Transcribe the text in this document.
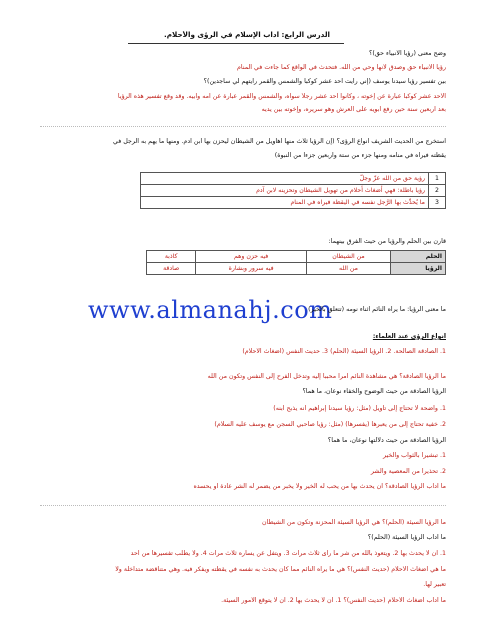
الدرس الرابع: آداب الإسلام في الرؤى والأحلام.
وضح معنى (رؤيا الأنبياء حق)؟
رؤيا الأنبياء حق وصدق لأنها وحي من الله. فتحدث في الواقع كما جاءت في المنام
بين تفسير رؤيا سيدنا يوسف (إني رأيت أحد عشر كوكباً والشمس والقمر رأيتهم لي ساجدين)؟
الأحد عشر كوكباً عبارة عن إخوته ، وكانوا أحد عشر رجلاً سواه، والشمس والقمر عبارة عن أمه وأبيه. وقد وقع تفسير هذه الرؤيا
بعد أربعين سنة حين رفع أبويه على العرش وهو سريره، وإخوته بين يديه
استخرج من الحديث الشريف أنواع الرؤى؟ (إن الرؤيا ثلاث منها أهاويل من الشيطان ليحزن بها ابن آدم. ومنها ما يهم به الرجل في
يقظته فيراه في منامه ومنها جزء من ستة وأربعين جزءاً من النبوة)
1	رؤية حق من الله عزّ وجلّ
2	رؤيا باطلة: فهي أضغاث أحلام من تهويل الشيطان وتحزينه لابن آدم
3	ما يُحدِّث بها الرَّجل نفسه في اليقظة فيراه في المنام
قارن بين الحلم والرؤيا من حيث الفرق بينهما:
الحلم	من الشيطان	فيه حزن وهم	كاذبة
الرؤيا	من الله	فيه سرور وبشارة	صادقة
www.almanahj.com
ما معنى الرؤيا: ما يراه النائم أثناء نومه (تتعلق بالخير)
أنواع الرؤى عند العلماء:
1. الصادقة الصالحة. 2. الرؤيا السيئة (الحلم) 3. حديث النفس (أضغاث الأحلام)
ما الرؤيا الصادقة؟ هي مشاهدة النائم أمراً محبباً إليه وتدخل الفرح إلى النفس وتكون من الله
الرؤيا الصادقة من حيث الوضوح والخفاء نوعان، ما هما؟
1. واضحة لا تحتاج إلى تأويل (مثل: رؤيا سيدنا إبراهيم أنه يذبح ابنه)
2. خفية تحتاج إلى من يعبرها (يفسرها) (مثل: رؤيا صاحبي السجن مع يوسف عليه السلام)
الرؤيا الصادقة من حيث دلالتها نوعان، ما هما؟
1. تبشيراً بالثواب والخير
2. تحذيراً من المعصية والشر
ما آداب الرؤيا الصادقة؟ أن يحدث بها من يحب له الخير ولا يخبر من يضمر له الشر عادة أو يحسده
ما الرؤيا السيئة (الحلم)؟ هي الرؤيا السيئة المحزنة وتكون من الشيطان
ما آداب الرؤيا السيئة (الحلم)؟
1. أن لا يحدث بها 2. ويتعوذ بالله من شر ما رأى ثلاث مرات 3. ويتفل عن يساره ثلاث مرات 4. ولا يطلب تفسيرها من أحد
ما هي أضغاث الأحلام (حديث النفس)؟ هي ما يراه النائم مما كان يحدث به نفسه في يقظته ويفكر فيه. وهي متناقضة متداخلة ولا
تعبير لها.
ما آداب أضغاث الأحلام (حديث النفس)؟ 1. أن لا يحدث بها 2. أن لا يتوقع الأمور السيئة.
